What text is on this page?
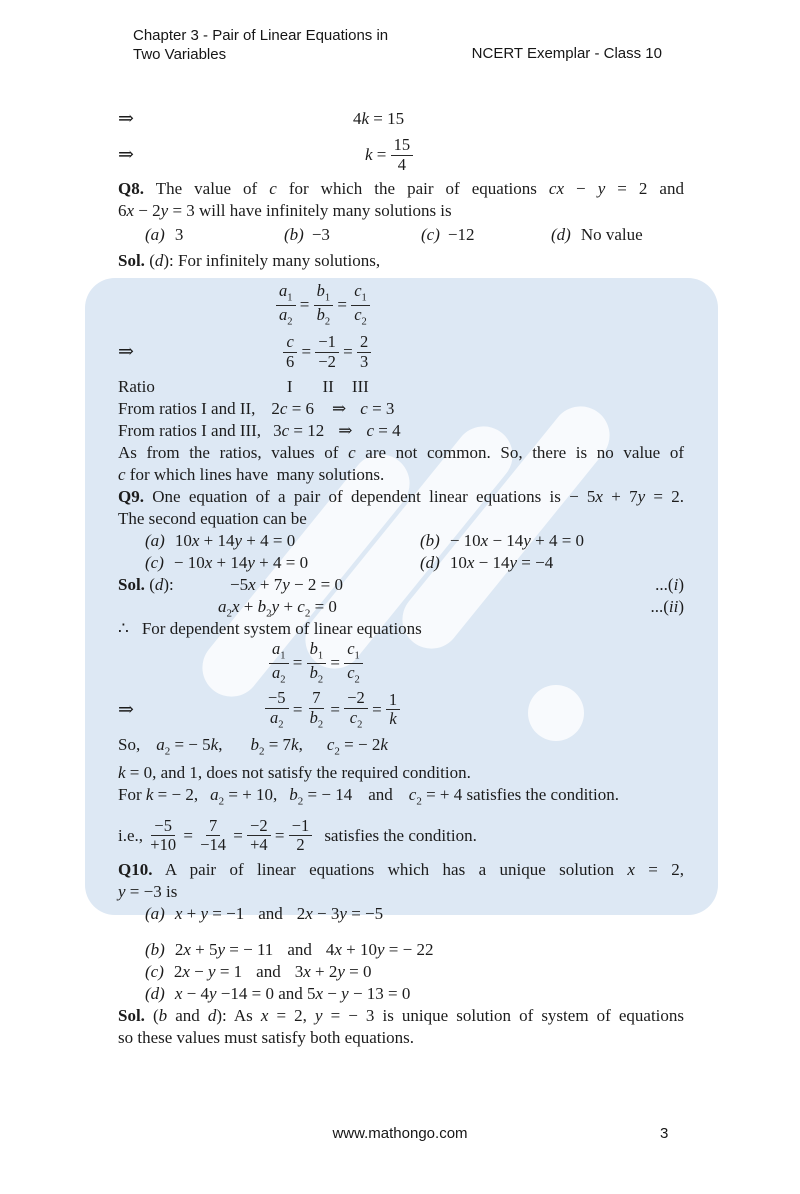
Chapter 3 - Pair of Linear Equations in
Two Variables	NCERT Exemplar - Class 10
⇒	4 k = 15
⇒	$k = \frac{15}{4}$
Q8. The value of c for which the pair of equations cx − y = 2 and
6x − 2y = 3 will have infinitely many solutions is
(a) 3	(b) −3	(c) −12	(d) No value
Sol. (d): For infinitely many solutions,
$\frac{a_1}{a_2} = \frac{b_1}{b_2} = \frac{c_1}{c_2}$
⇒	$\frac{c}{6} = \frac{-1}{-2} = \frac{2}{3}$
Ratio	I II III
From ratios I and II, 2c = 6 ⇒ c = 3
From ratios I and III, 3c = 12 ⇒ c = 4
As from the ratios, values of c are not common. So, there is no value of
c for which lines have  many solutions.
Q9. One equation of a pair of dependent linear equations is − 5x + 7y = 2.
The second equation can be
(a) 10x + 14y + 4 = 0	(b) − 10x − 14y + 4 = 0
(c) − 10x + 14y + 4 = 0	(d) 10x − 14y = −4
Sol. (d):	−5x + 7y − 2 = 0	...(i)
$a_2x + b_2y + c_2 = 0$	...(ii)
∴ For dependent system of linear equations
$\frac{a_1}{a_2} = \frac{b_1}{b_2} = \frac{c_1}{c_2}$
⇒	$\frac{-5}{a_2} = \frac{7}{b_2} = \frac{-2}{c_2} = \frac{1}{k}$
So, $a_2$ = − 5k, $b_2 = 7k$, $c_2$ = − 2k
k = 0, and 1, does not satisfy the required condition.
For k = − 2, $a_2$ = + 10, $b_2$ = − 14 and $c_2$ = + 4 satisfies the condition.
i.e., $\frac{-5}{+10} = \frac{7}{-14} = \frac{-2}{+4} = \frac{-1}{2}$ satisfies the condition.
Q10. A pair of linear equations which has a unique solution x = 2,
y = −3 is
(a) x + y = −1 and 2x − 3y = −5
(b) 2x + 5y = − 11 and 4x + 10y = − 22
(c) 2x − y = 1 and 3x + 2y = 0
(d) x − 4y −14 = 0 and 5x − y − 13 = 0
Sol. (b and d): As x = 2, y = − 3 is unique solution of system of equations
so these values must satisfy both equations.
www.mathongo.com	3
